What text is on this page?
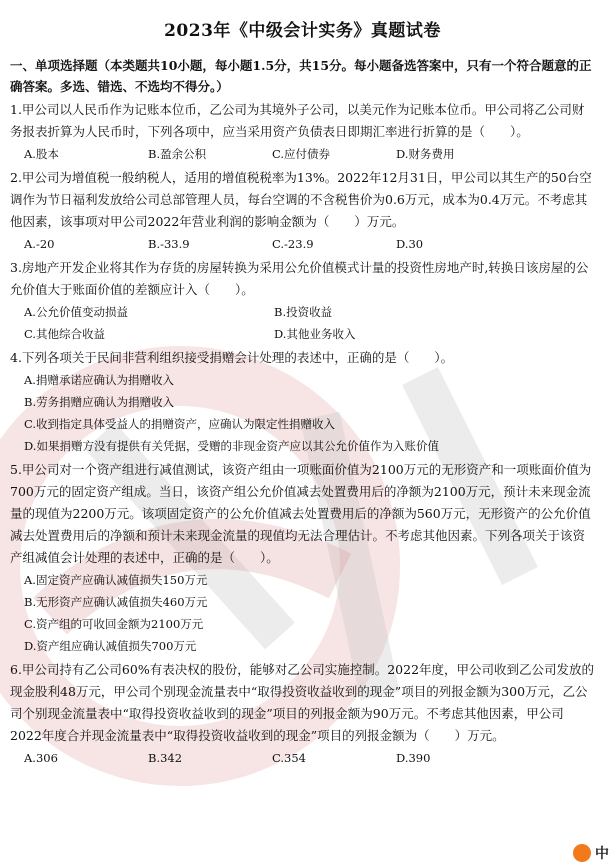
2023年《中级会计实务》真题试卷
一、单项选择题（本类题共10小题，每小题1.5分，共15分。每小题备选答案中，只有一个符合题意的正确答案。多选、错选、不选均不得分。）
1.甲公司以人民币作为记账本位币，乙公司为其境外子公司，以美元作为记账本位币。甲公司将乙公司财务报表折算为人民币时，下列各项中，应当采用资产负债表日即期汇率进行折算的是（　　）。
A.股本	B.盈余公积	C.应付债券	D.财务费用
2.甲公司为增值税一般纳税人，适用的增值税税率为13%。2022年12月31日，甲公司以其生产的50台空调作为节日福利发放给公司总部管理人员，每台空调的不含税售价为0.6万元，成本为0.4万元。不考虑其他因素，该事项对甲公司2022年营业利润的影响金额为（　　）万元。
A.-20	B.-33.9	C.-23.9	D.30
3.房地产开发企业将其作为存货的房屋转换为采用公允价值模式计量的投资性房地产时,转换日该房屋的公允价值大于账面价值的差额应计入（　　）。
A.公允价值变动损益	B.投资收益
C.其他综合收益	D.其他业务收入
4.下列各项关于民间非营利组织接受捐赠会计处理的表述中，正确的是（　　）。
A.捐赠承诺应确认为捐赠收入
B.劳务捐赠应确认为捐赠收入
C.收到指定具体受益人的捐赠资产，应确认为限定性捐赠收入
D.如果捐赠方没有提供有关凭据，受赠的非现金资产应以其公允价值作为入账价值
5.甲公司对一个资产组进行减值测试，该资产组由一项账面价值为2100万元的无形资产和一项账面价值为700万元的固定资产组成。当日，该资产组公允价值减去处置费用后的净额为2100万元，预计未来现金流量的现值为2200万元。该项固定资产的公允价值减去处置费用后的净额为560万元，无形资产的公允价值减去处置费用后的净额和预计未来现金流量的现值均无法合理估计。不考虑其他因素。下列各项关于该资产组减值会计处理的表述中，正确的是（　　）。
A.固定资产应确认减值损失150万元
B.无形资产应确认减值损失460万元
C.资产组的可收回金额为2100万元
D.资产组应确认减值损失700万元
6.甲公司持有乙公司60%有表决权的股份，能够对乙公司实施控制。2022年度，甲公司收到乙公司发放的现金股利48万元，甲公司个别现金流量表中“取得投资收益收到的现金”项目的列报金额为300万元，乙公司个别现金流量表中“取得投资收益收到的现金”项目的列报金额为90万元。不考虑其他因素，甲公司2022年度合并现金流量表中“取得投资收益收到的现金”项目的列报金额为（　　）万元。
A.306	B.342	C.354	D.390
中
